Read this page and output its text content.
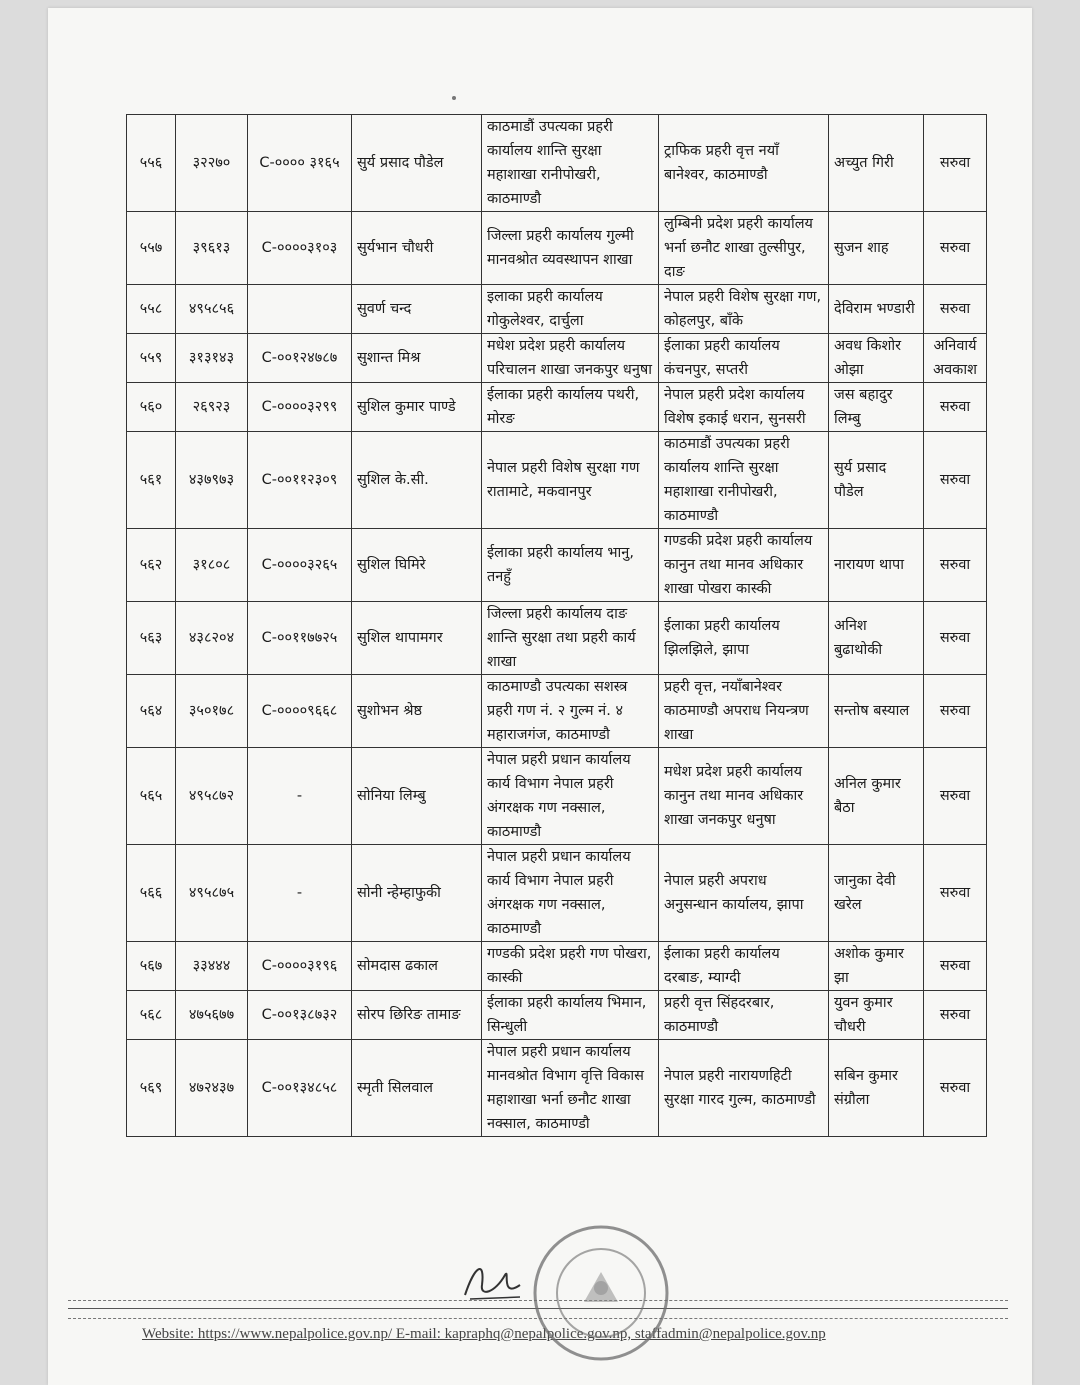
५५६	३२२७०	C-०००० ३१६५	सुर्य प्रसाद पौडेल	काठमाडौं उपत्यका प्रहरी कार्यालय शान्ति सुरक्षा महाशाखा रानीपोखरी, काठमाण्डौ	ट्राफिक प्रहरी वृत्त नयाँ बानेश्वर, काठमाण्डौ	अच्युत गिरी	सरुवा
५५७	३९६१३	C-००००३१०३	सुर्यभान चौधरी	जिल्ला प्रहरी कार्यालय गुल्मी मानवश्रोत व्यवस्थापन शाखा	लुम्बिनी प्रदेश प्रहरी कार्यालय भर्ना छनौट शाखा तुल्सीपुर, दाङ	सुजन शाह	सरुवा
५५८	४९५८५६		सुवर्ण चन्द	इलाका प्रहरी कार्यालय गोकुलेश्वर, दार्चुला	नेपाल प्रहरी विशेष सुरक्षा गण, कोहलपुर, बाँके	देविराम भण्डारी	सरुवा
५५९	३१३१४३	C-००१२४७८७	सुशान्त मिश्र	मधेश प्रदेश प्रहरी कार्यालय परिचालन शाखा जनकपुर धनुषा	ईलाका प्रहरी कार्यालय कंचनपुर, सप्तरी	अवध किशोर ओझा	अनिवार्य अवकाश
५६०	२६९२३	C-००००३२९९	सुशिल कुमार पाण्डे	ईलाका प्रहरी कार्यालय पथरी, मोरङ	नेपाल प्रहरी प्रदेश कार्यालय विशेष इकाई धरान, सुनसरी	जस बहादुर लिम्बु	सरुवा
५६१	४३७९७३	C-००११२३०९	सुशिल के.सी.	नेपाल प्रहरी विशेष सुरक्षा गण रातामाटे, मकवानपुर	काठमाडौं उपत्यका प्रहरी कार्यालय शान्ति सुरक्षा महाशाखा रानीपोखरी, काठमाण्डौ	सुर्य प्रसाद पौडेल	सरुवा
५६२	३१८०८	C-००००३२६५	सुशिल घिमिरे	ईलाका प्रहरी कार्यालय भानु, तनहुँ	गण्डकी प्रदेश प्रहरी कार्यालय कानुन तथा मानव अधिकार शाखा पोखरा कास्की	नारायण थापा	सरुवा
५६३	४३८२०४	C-००११७७२५	सुशिल थापामगर	जिल्ला प्रहरी कार्यालय दाङ शान्ति सुरक्षा तथा प्रहरी कार्य शाखा	ईलाका प्रहरी कार्यालय झिलझिले, झापा	अनिश बुढाथोकी	सरुवा
५६४	३५०१७८	C-००००९६६८	सुशोभन श्रेष्ठ	काठमाण्डौ उपत्यका सशस्त्र प्रहरी गण नं. २ गुल्म नं. ४ महाराजगंज, काठमाण्डौ	प्रहरी वृत्त, नयाँबानेश्वर काठमाण्डौ अपराध नियन्त्रण शाखा	सन्तोष बस्याल	सरुवा
५६५	४९५८७२	-	सोनिया लिम्बु	नेपाल प्रहरी प्रधान कार्यालय कार्य विभाग नेपाल प्रहरी अंगरक्षक गण नक्साल, काठमाण्डौ	मधेश प्रदेश प्रहरी कार्यालय कानुन तथा मानव अधिकार शाखा जनकपुर धनुषा	अनिल कुमार बैठा	सरुवा
५६६	४९५८७५	-	सोनी न्हेम्हाफुकी	नेपाल प्रहरी प्रधान कार्यालय कार्य विभाग नेपाल प्रहरी अंगरक्षक गण नक्साल, काठमाण्डौ	नेपाल प्रहरी अपराध अनुसन्धान कार्यालय, झापा	जानुका देवी खरेल	सरुवा
५६७	३३४४४	C-००००३१९६	सोमदास ढकाल	गण्डकी प्रदेश प्रहरी गण पोखरा, कास्की	ईलाका प्रहरी कार्यालय दरबाङ, म्याग्दी	अशोक कुमार झा	सरुवा
५६८	४७५६७७	C-००१३८७३२	सोरप छिरिङ तामाङ	ईलाका प्रहरी कार्यालय भिमान, सिन्धुली	प्रहरी वृत्त सिंहदरबार, काठमाण्डौ	युवन कुमार चौधरी	सरुवा
५६९	४७२४३७	C-००१३४८५८	स्मृती सिलवाल	नेपाल प्रहरी प्रधान कार्यालय मानवश्रोत विभाग वृत्ति विकास महाशाखा भर्ना छनौट शाखा नक्साल, काठमाण्डौ	नेपाल प्रहरी नारायणहिटी सुरक्षा गारद गुल्म, काठमाण्डौ	सबिन कुमार संग्रौला	सरुवा
Website: https://www.nepalpolice.gov.np/ E-mail: kapraphq@nepalpolice.gov.np, staffadmin@nepalpolice.gov.np
